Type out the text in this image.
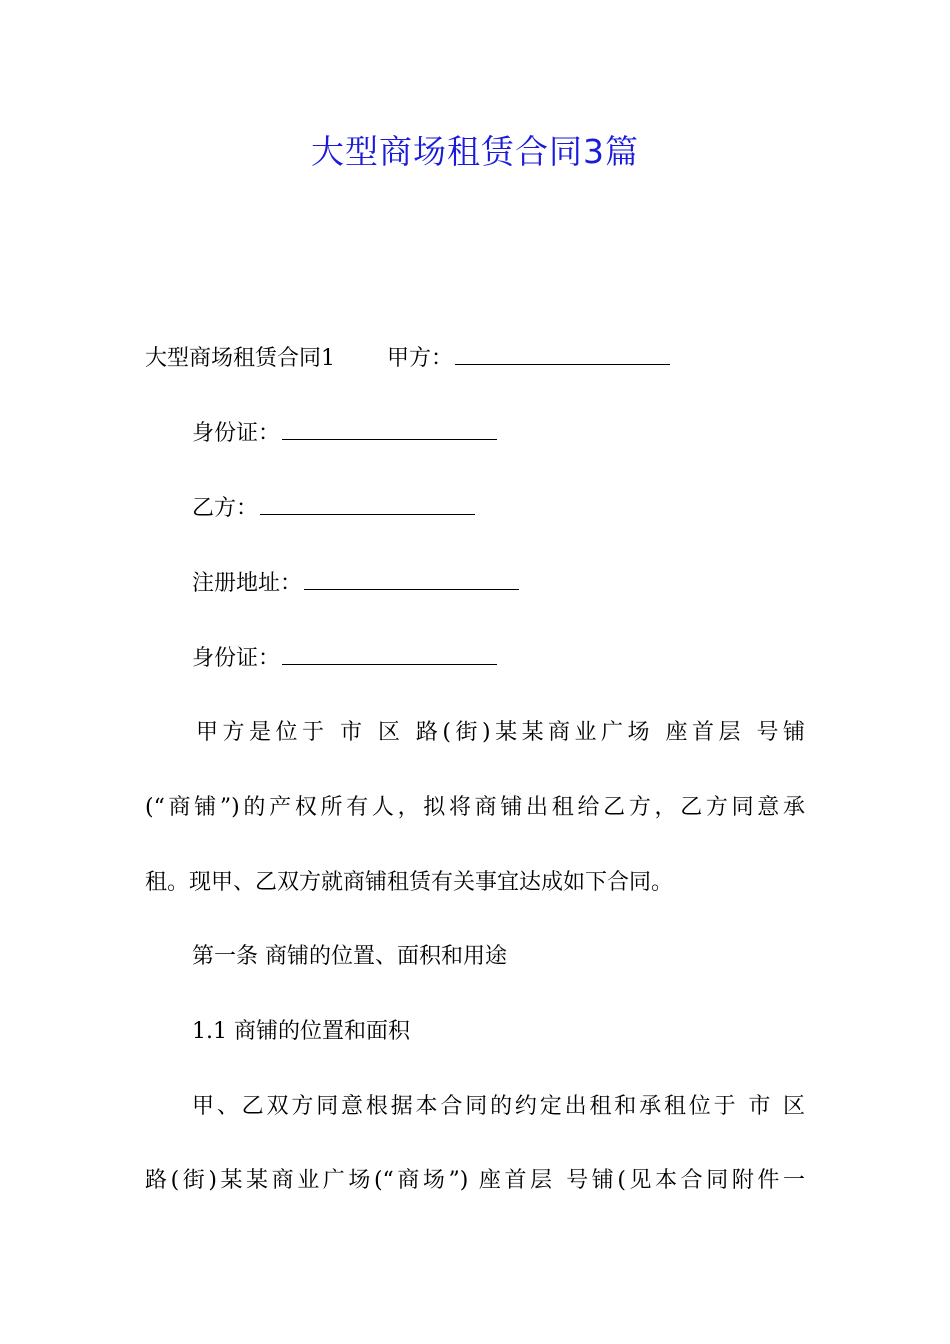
大型商场租赁合同3篇
大型商场租赁合同1 甲方：
身份证：
乙方：
注册地址：
身份证：
甲方是位于 市 区 路(街)某某商业广场 座首层 号铺
(“商铺”)的产权所有人，拟将商铺出租给乙方，乙方同意承
租。现甲、乙双方就商铺租赁有关事宜达成如下合同。
第一条 商铺的位置、面积和用途
1.1 商铺的位置和面积
甲、乙双方同意根据本合同的约定出租和承租位于 市 区
路(街)某某商业广场(“商场”) 座首层 号铺(见本合同附件一
